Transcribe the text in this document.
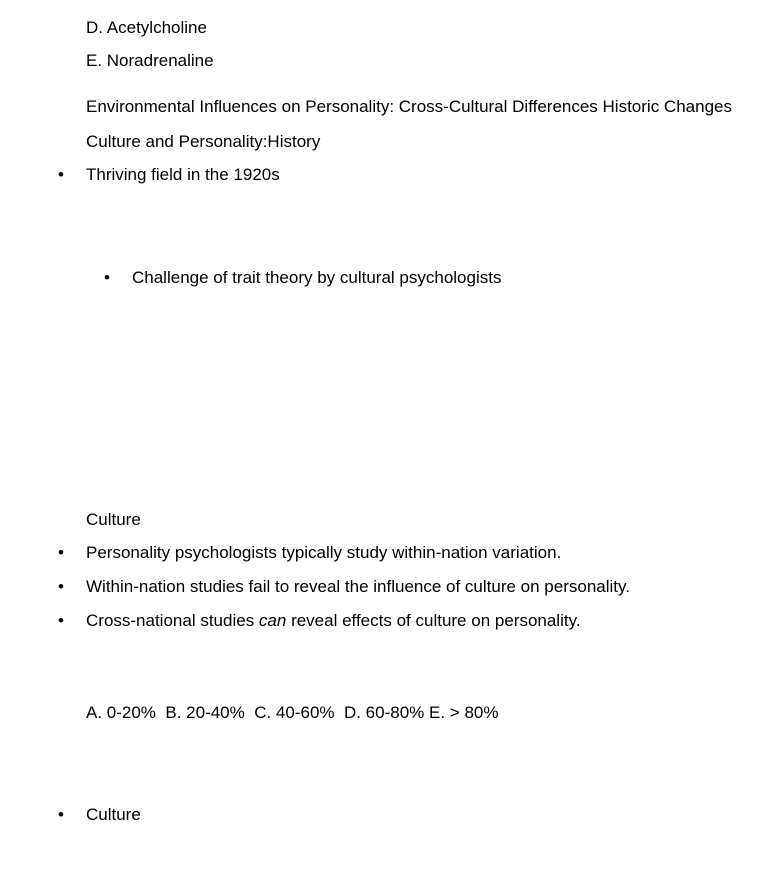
D. Acetylcholine

E. Noradrenaline

Environmental Influences on Personality: Cross-Cultural Differences Historic Changes

Culture and Personality:History

• Thriving field in the 1920s

• Challenge of trait theory by cultural psychologists

Culture

• Personality psychologists typically study within-nation variation.

• Within-nation studies fail to reveal the influence of culture on personality.

• Cross-national studies can reveal effects of culture on personality.

A. 0-20%  B. 20-40%  C. 40-60%  D. 60-80% E. > 80%

• Culture
